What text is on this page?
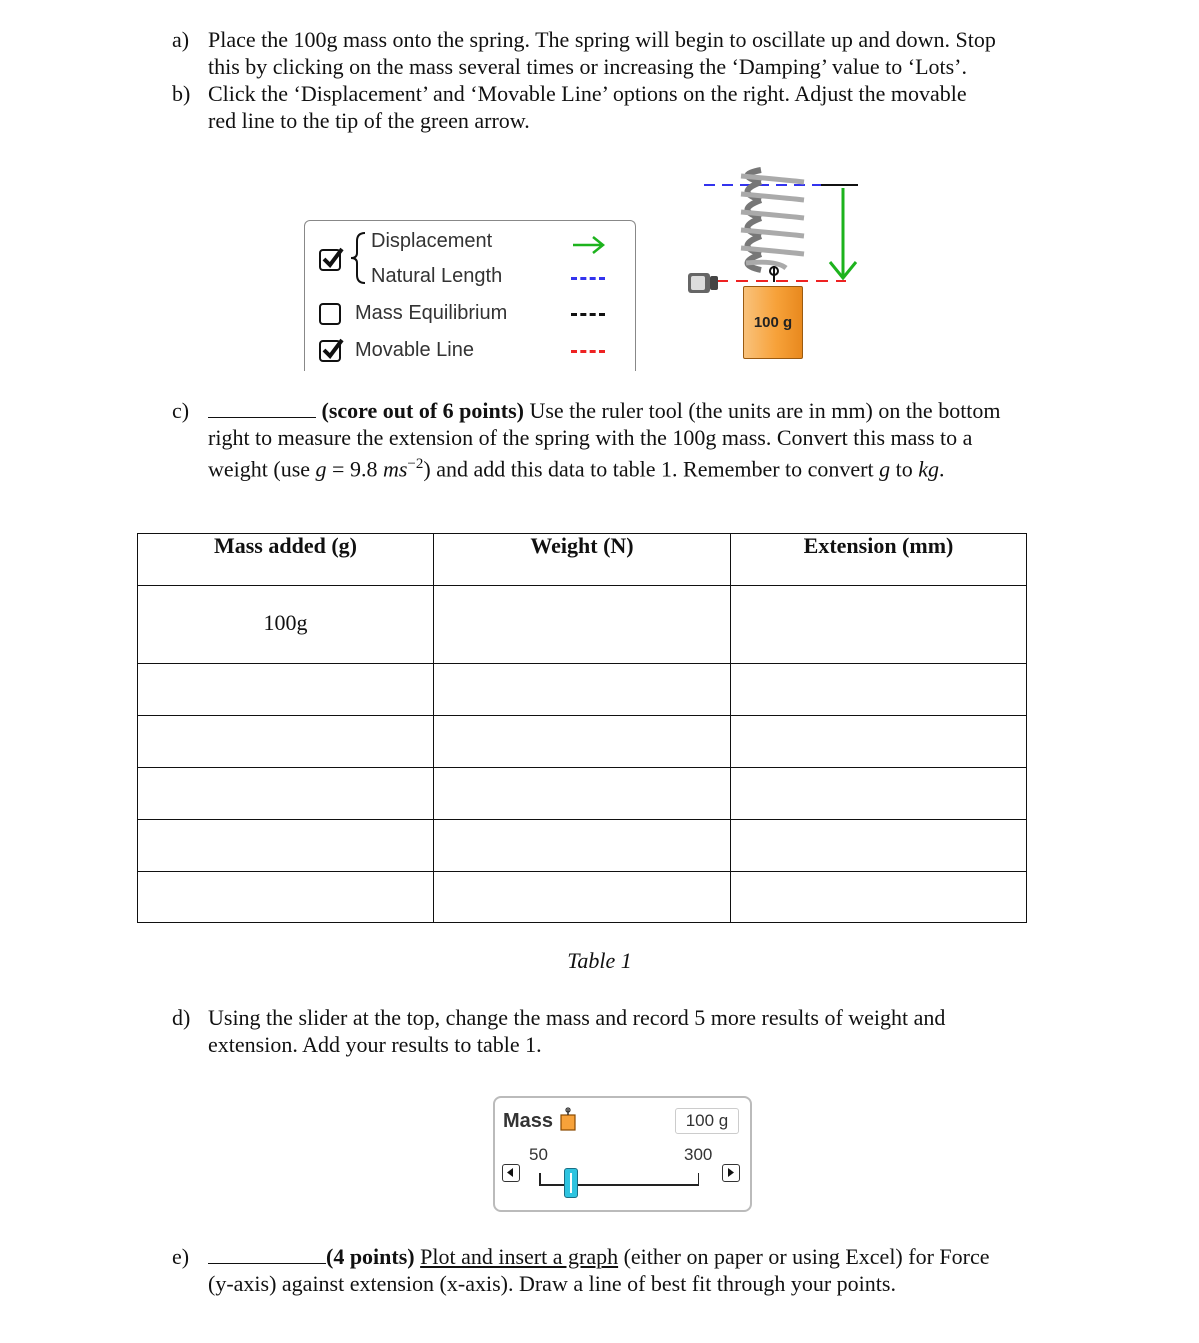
a) Place the 100g mass onto the spring. The spring will begin to oscillate up and down. Stop
this by clicking on the mass several times or increasing the ‘Damping’ value to ‘Lots’.
b) Click the ‘Displacement’ and ‘Movable Line’ options on the right. Adjust the movable
red line to the tip of the green arrow.
Displacement
Natural Length
Mass Equilibrium
Movable Line
100 g
c)	(score out of 6 points) Use the ruler tool (the units are in mm) on the bottom
right to measure the extension of the spring with the 100g mass. Convert this mass to a
weight (use g = 9.8 $ms^{-2}$) and add this data to table 1. Remember to convert g to kg.
Mass added (g)	Weight (N)	Extension (mm)
100g		

Table 1
d) Using the slider at the top, change the mass and record 5 more results of weight and
extension. Add your results to table 1.
Mass	100 g
50	300
e)	(4 points) Plot and insert a graph (either on paper or using Excel) for Force
(y-axis) against extension (x-axis). Draw a line of best fit through your points.
